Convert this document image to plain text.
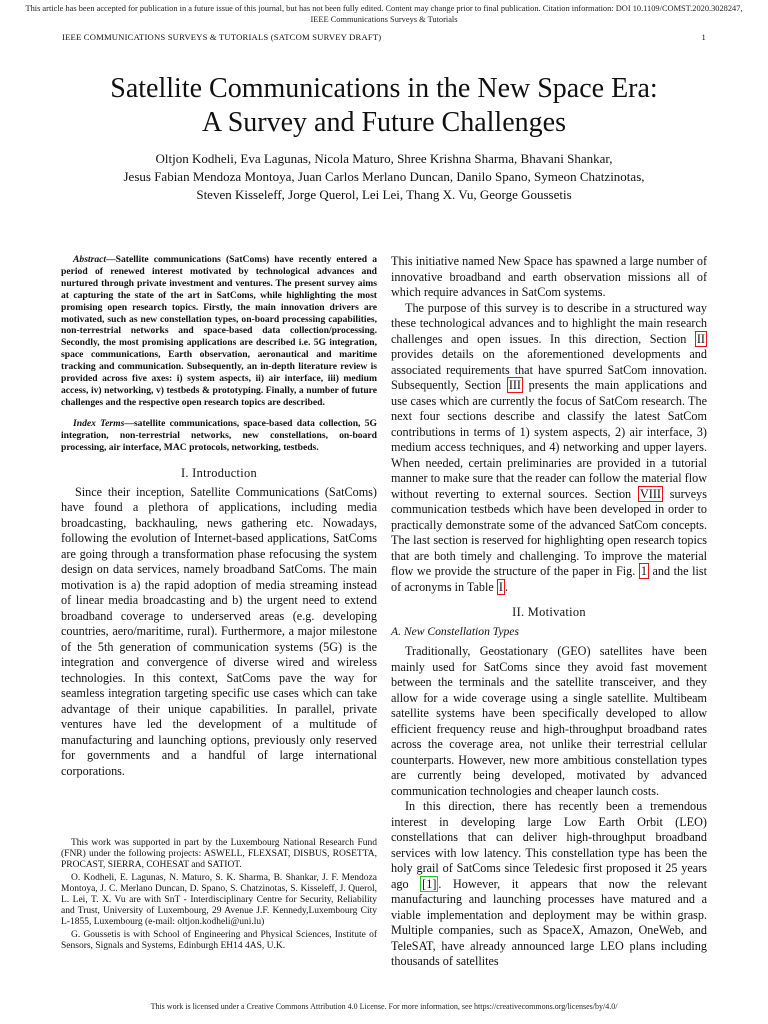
This article has been accepted for publication in a future issue of this journal, but has not been fully edited. Content may change prior to final publication. Citation information: DOI 10.1109/COMST.2020.3028247, IEEE Communications Surveys & Tutorials
IEEE COMMUNICATIONS SURVEYS & TUTORIALS (SATCOM SURVEY DRAFT)	1
Satellite Communications in the New Space Era:
A Survey and Future Challenges
Oltjon Kodheli, Eva Lagunas, Nicola Maturo, Shree Krishna Sharma, Bhavani Shankar,
Jesus Fabian Mendoza Montoya, Juan Carlos Merlano Duncan, Danilo Spano, Symeon Chatzinotas,
Steven Kisseleff, Jorge Querol, Lei Lei, Thang X. Vu, George Goussetis

Abstract—Satellite communications (SatComs) have recently entered a period of renewed interest motivated by technological advances and nurtured through private investment and ventures. The present survey aims at capturing the state of the art in SatComs, while highlighting the most promising open research topics. Firstly, the main innovation drivers are motivated, such as new constellation types, on-board processing capabilities, non-terrestrial networks and space-based data collection/processing. Secondly, the most promising applications are described i.e. 5G integration, space communications, Earth observation, aeronautical and maritime tracking and communication. Subsequently, an in-depth literature review is provided across five axes: i) system aspects, ii) air interface, iii) medium access, iv) networking, v) testbeds & prototyping. Finally, a number of future challenges and the respective open research topics are described.

Index Terms—satellite communications, space-based data collection, 5G integration, non-terrestrial networks, new constellations, on-board processing, air interface, MAC protocols, networking, testbeds.

I. Introduction

Since their inception, Satellite Communications (SatComs) have found a plethora of applications, including media broadcasting, backhauling, news gathering etc. Nowadays, following the evolution of Internet-based applications, SatComs are going through a transformation phase refocusing the system design on data services, namely broadband SatComs. The main motivation is a) the rapid adoption of media streaming instead of linear media broadcasting and b) the urgent need to extend broadband coverage to underserved areas (e.g. developing countries, aero/maritime, rural). Furthermore, a major milestone of the 5th generation of communication systems (5G) is the integration and convergence of diverse wired and wireless technologies. In this context, SatComs pave the way for seamless integration targeting specific use cases which can take advantage of their unique capabilities. In parallel, private ventures have led the development of a multitude of manufacturing and launching options, previously only reserved for governments and a handful of large international corporations.

This work was supported in part by the Luxembourg National Research Fund (FNR) under the following projects: ASWELL, FLEXSAT, DISBUS, ROSETTA, PROCAST, SIERRA, COHESAT and SATIOT.

O. Kodheli, E. Lagunas, N. Maturo, S. K. Sharma, B. Shankar, J. F. Mendoza Montoya, J. C. Merlano Duncan, D. Spano, S. Chatzinotas, S. Kisseleff, J. Querol, L. Lei, T. X. Vu are with SnT - Interdisciplinary Centre for Security, Reliability and Trust, University of Luxembourg, 29 Avenue J.F. Kennedy,Luxembourg City L-1855, Luxembourg (e-mail: oltjon.kodheli@uni.lu)

G. Goussetis is with School of Engineering and Physical Sciences, Institute of Sensors, Signals and Systems, Edinburgh EH14 4AS, U.K.

This initiative named New Space has spawned a large number of innovative broadband and earth observation missions all of which require advances in SatCom systems.

The purpose of this survey is to describe in a structured way these technological advances and to highlight the main research challenges and open issues. In this direction, Section II provides details on the aforementioned developments and associated requirements that have spurred SatCom innovation. Subsequently, Section III presents the main applications and use cases which are currently the focus of SatCom research. The next four sections describe and classify the latest SatCom contributions in terms of 1) system aspects, 2) air interface, 3) medium access techniques, and 4) networking and upper layers. When needed, certain preliminaries are provided in a tutorial manner to make sure that the reader can follow the material flow without reverting to external sources. Section VIII surveys communication testbeds which have been developed in order to practically demonstrate some of the advanced SatCom concepts. The last section is reserved for highlighting open research topics that are both timely and challenging. To improve the material flow we provide the structure of the paper in Fig. 1 and the list of acronyms in Table I .

II. Motivation
A. New Constellation Types

Traditionally, Geostationary (GEO) satellites have been mainly used for SatComs since they avoid fast movement between the terminals and the satellite transceiver, and they allow for a wide coverage using a single satellite. Multibeam satellite systems have been specifically developed to allow efficient frequency reuse and high-throughput broadband rates across the coverage area, not unlike their terrestrial cellular counterparts. However, new more ambitious constellation types are currently being developed, motivated by advanced communication technologies and cheaper launch costs.

In this direction, there has recently been a tremendous interest in developing large Low Earth Orbit (LEO) constellations that can deliver high-throughput broadband services with low latency. This constellation type has been the holy grail of SatComs since Teledesic first proposed it 25 years ago [1] . However, it appears that now the relevant manufacturing and launching processes have matured and a viable implementation and deployment may be within grasp. Multiple companies, such as SpaceX, Amazon, OneWeb, and TeleSAT, have already announced large LEO plans including thousands of satellites

This work is licensed under a Creative Commons Attribution 4.0 License. For more information, see https://creativecommons.org/licenses/by/4.0/
